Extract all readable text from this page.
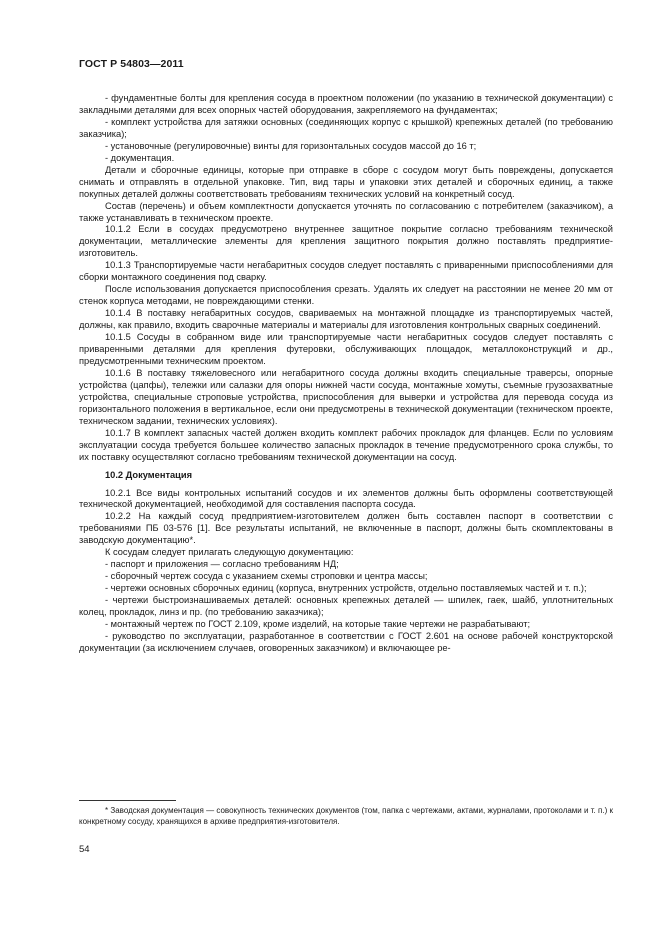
ГОСТ Р 54803—2011

- фундаментные болты для крепления сосуда в проектном положении (по указанию в технической документации) с закладными деталями для всех опорных частей оборудования, закрепляемого на фундаментах;

- комплект устройства для затяжки основных (соединяющих корпус с крышкой) крепежных деталей (по требованию заказчика);

- установочные (регулировочные) винты для горизонтальных сосудов массой до 16 т;

- документация.

Детали и сборочные единицы, которые при отправке в сборе с сосудом могут быть повреждены, допускается снимать и отправлять в отдельной упаковке. Тип, вид тары и упаковки этих деталей и сборочных единиц, а также покупных деталей должны соответствовать требованиям технических условий на конкретный сосуд.

Состав (перечень) и объем комплектности допускается уточнять по согласованию с потребителем (заказчиком), а также устанавливать в техническом проекте.

10.1.2 Если в сосудах предусмотрено внутреннее защитное покрытие согласно требованиям технической документации, металлические элементы для крепления защитного покрытия должно поставлять предприятие-изготовитель.

10.1.3 Транспортируемые части негабаритных сосудов следует поставлять с приваренными приспособлениями для сборки монтажного соединения под сварку.

После использования допускается приспособления срезать. Удалять их следует на расстоянии не менее 20 мм от стенок корпуса методами, не повреждающими стенки.

10.1.4 В поставку негабаритных сосудов, свариваемых на монтажной площадке из транспортируемых частей, должны, как правило, входить сварочные материалы и материалы для изготовления контрольных сварных соединений.

10.1.5 Сосуды в собранном виде или транспортируемые части негабаритных сосудов следует поставлять с приваренными деталями для крепления футеровки, обслуживающих площадок, металлоконструкций и др., предусмотренными техническим проектом.

10.1.6 В поставку тяжеловесного или негабаритного сосуда должны входить специальные траверсы, опорные устройства (цапфы), тележки или салазки для опоры нижней части сосуда, монтажные хомуты, съемные грузозахватные устройства, специальные строповые устройства, приспособления для выверки и устройства для перевода сосуда из горизонтального положения в вертикальное, если они предусмотрены в технической документации (техническом проекте, техническом задании, технических условиях).

10.1.7 В комплект запасных частей должен входить комплект рабочих прокладок для фланцев. Если по условиям эксплуатации сосуда требуется большее количество запасных прокладок в течение предусмотренного срока службы, то их поставку осуществляют согласно требованиям технической документации на сосуд.

10.2 Документация

10.2.1 Все виды контрольных испытаний сосудов и их элементов должны быть оформлены соответствующей технической документацией, необходимой для составления паспорта сосуда.

10.2.2 На каждый сосуд предприятием-изготовителем должен быть составлен паспорт в соответствии с требованиями ПБ 03-576 [1]. Все результаты испытаний, не включенные в паспорт, должны быть скомплектованы в заводскую документацию*.

К сосудам следует прилагать следующую документацию:

- паспорт и приложения — согласно требованиям НД;

- сборочный чертеж сосуда с указанием схемы строповки и центра массы;

- чертежи основных сборочных единиц (корпуса, внутренних устройств, отдельно поставляемых частей и т. п.);

- чертежи быстроизнашиваемых деталей: основных крепежных деталей — шпилек, гаек, шайб, уплотнительных колец, прокладок, линз и пр. (по требованию заказчика);

- монтажный чертеж по ГОСТ 2.109, кроме изделий, на которые такие чертежи не разрабатывают;

- руководство по эксплуатации, разработанное в соответствии с ГОСТ 2.601 на основе рабочей конструкторской документации (за исключением случаев, оговоренных заказчиком) и включающее ре-

* Заводская документация — совокупность технических документов (том, папка с чертежами, актами, журналами, протоколами и т. п.) к конкретному сосуду, хранящихся в архиве предприятия-изготовителя.
54
